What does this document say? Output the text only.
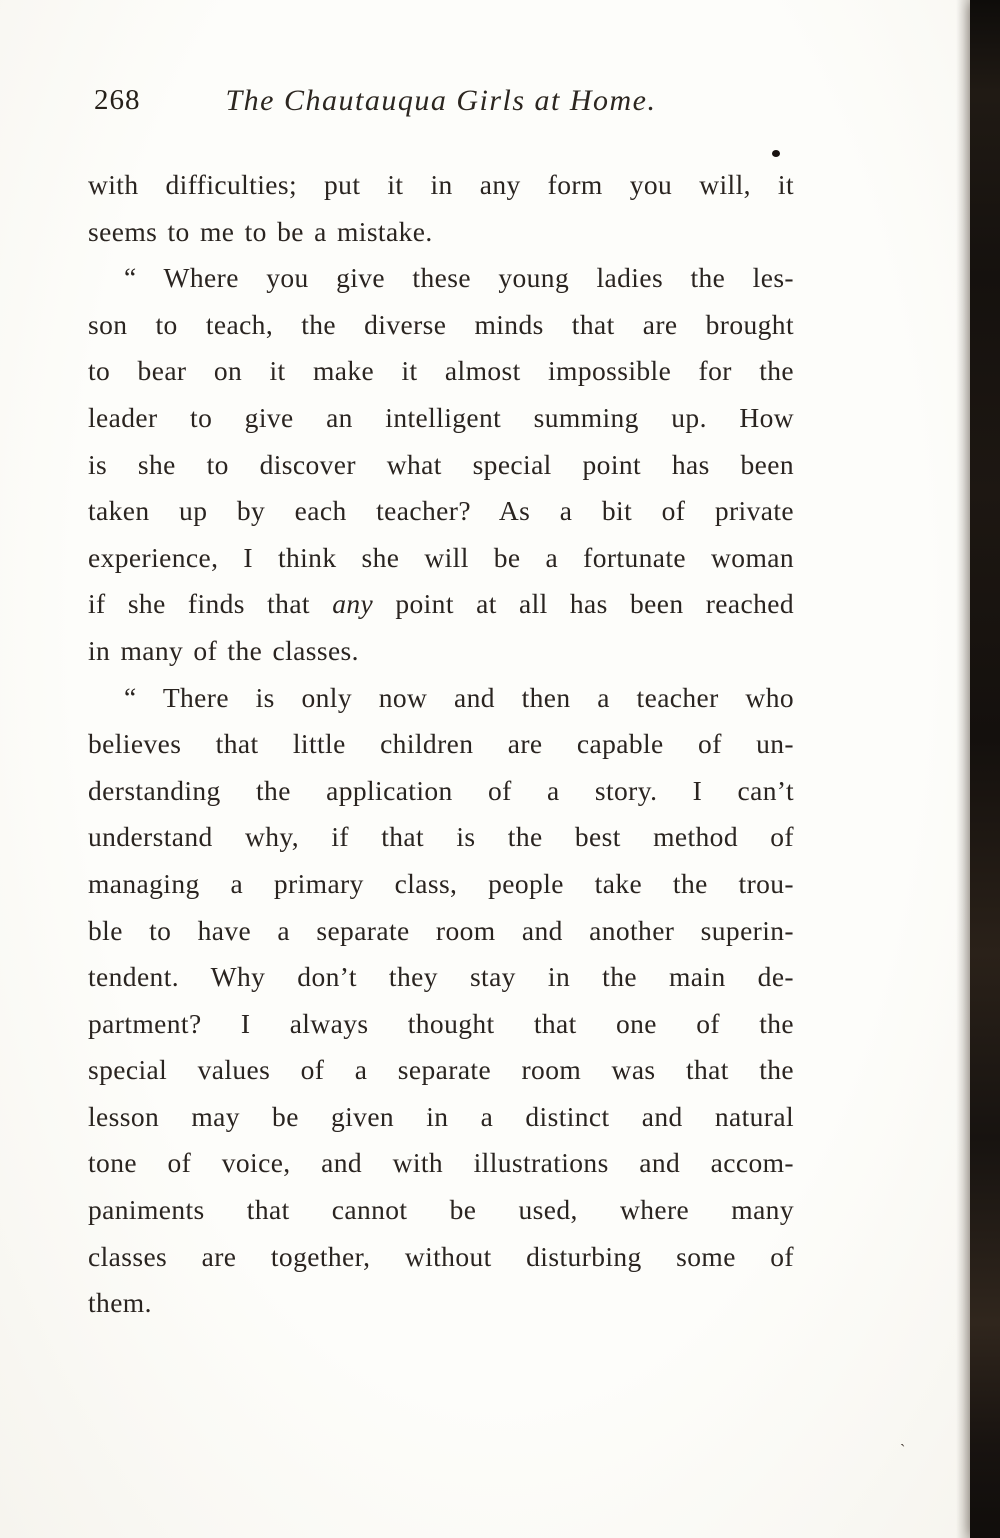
268	The Chautauqua Girls at Home.
with difficulties; put it in any form you will, it
seems to me to be a mistake.
“ Where you give these young ladies the les-
son to teach, the diverse minds that are brought
to bear on it make it almost impossible for the
leader to give an intelligent summing up. How
is she to discover what special point has been
taken up by each teacher? As a bit of private
experience, I think she will be a fortunate woman
if she finds that any point at all has been reached
in many of the classes.
“ There is only now and then a teacher who
believes that little children are capable of un-
derstanding the application of a story. I can’t
understand why, if that is the best method of
managing a primary class, people take the trou-
ble to have a separate room and another superin-
tendent. Why don’t they stay in the main de-
partment? I always thought that one of the
special values of a separate room was that the
lesson may be given in a distinct and natural
tone of voice, and with illustrations and accom-
paniments that cannot be used, where many
classes are together, without disturbing some of
them.
`
